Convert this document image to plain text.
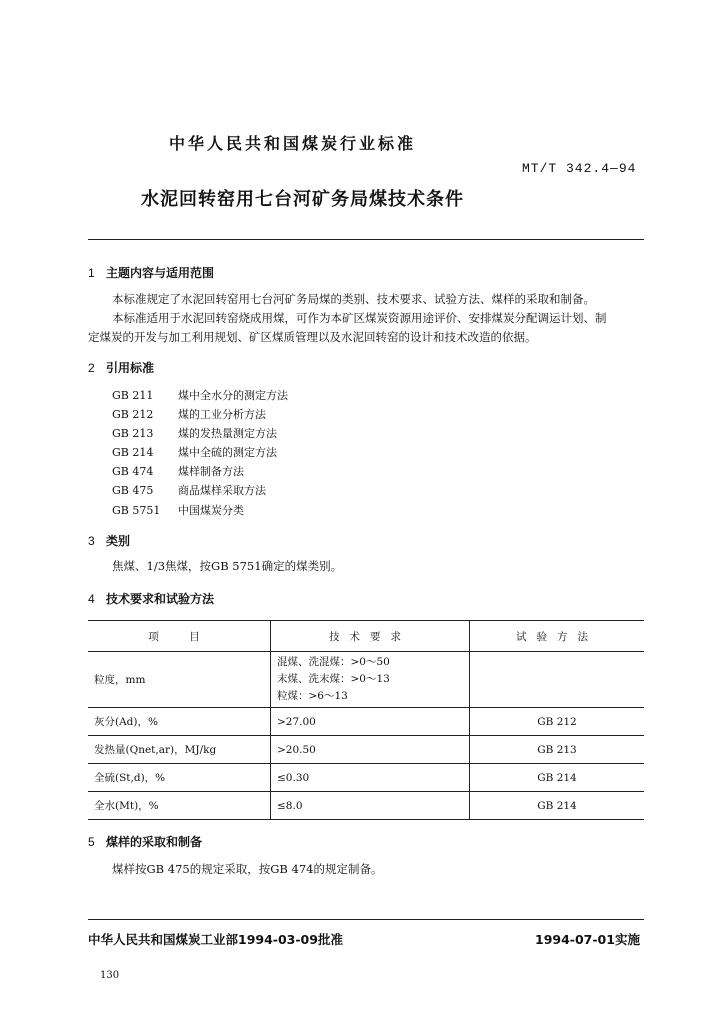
中华人民共和国煤炭行业标准
MT/T 342.4—94
水泥回转窑用七台河矿务局煤技术条件
1 主题内容与适用范围
本标准规定了水泥回转窑用七台河矿务局煤的类别、技术要求、试验方法、煤样的采取和制备。
本标准适用于水泥回转窑烧成用煤，可作为本矿区煤炭资源用途评价、安排煤炭分配调运计划、制
定煤炭的开发与加工利用规划、矿区煤质管理以及水泥回转窑的设计和技术改造的依据。
2 引用标准
GB 211 煤中全水分的测定方法
GB 212 煤的工业分析方法
GB 213 煤的发热量测定方法
GB 214 煤中全硫的测定方法
GB 474 煤样制备方法
GB 475 商品煤样采取方法
GB 5751 中国煤炭分类
3 类别
焦煤、1/3焦煤，按GB 5751确定的煤类别。
4 技术要求和试验方法
项　目	技术要求	试验方法
粒度，mm	混煤、洗混煤：>0～50
末煤、洗末煤：>0～13
粒煤：>6～13	

灰分(Ad)，%	>27.00	GB 212
发热量(Qnet,ar)，MJ/kg	>20.50	GB 213
全硫(St,d)，%	≤0.30	GB 214
全水(Mt)，%	≤8.0	GB 214
5 煤样的采取和制备
煤样按GB 475的规定采取，按GB 474的规定制备。
中华人民共和国煤炭工业部1994-03-09批准	1994-07-01实施
130
